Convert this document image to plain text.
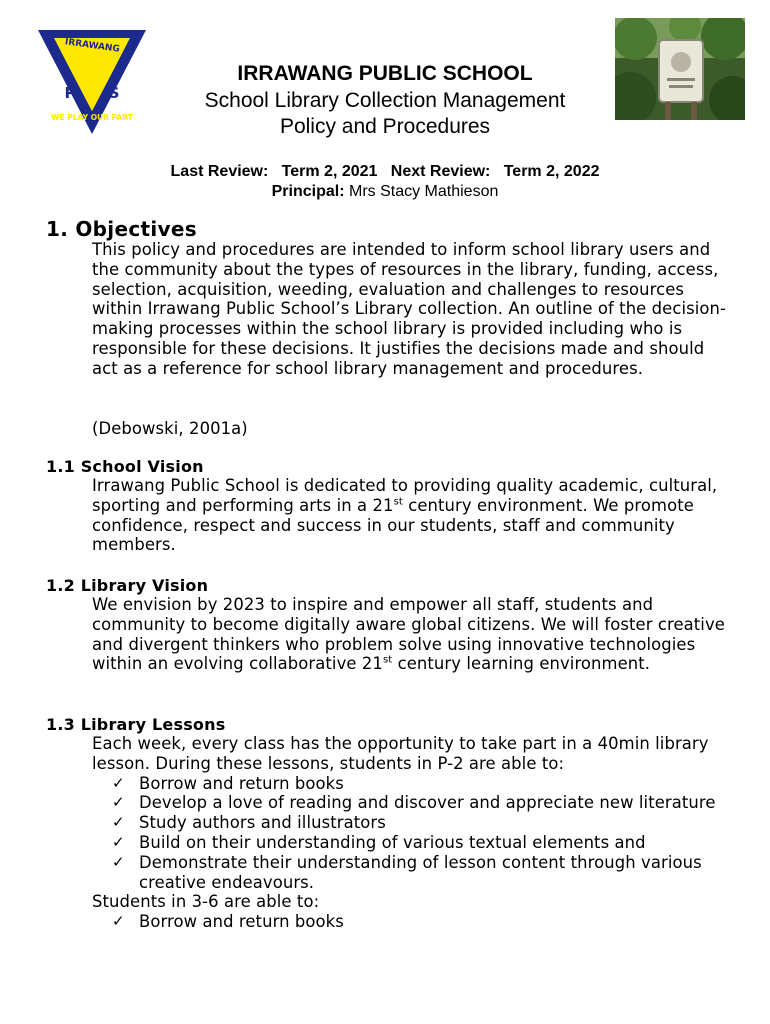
IRRAWANG
P S
WE PLAY OUR PART
IRRAWANG PUBLIC SCHOOL
School Library Collection Management
Policy and Procedures
Last Review: Term 2, 2021 Next Review: Term 2, 2022
Principal: Mrs Stacy Mathieson
1. Objectives
This policy and procedures are intended to inform school library users and the community about the types of resources in the library, funding, access, selection, acquisition, weeding, evaluation and challenges to resources within Irrawang Public School’s Library collection. An outline of the decision-making processes within the school library is provided including who is responsible for these decisions. It justifies the decisions made and should act as a reference for school library management and procedures.
(Debowski, 2001a)
1.1 School Vision
Irrawang Public School is dedicated to providing quality academic, cultural, sporting and performing arts in a 21st century environment. We promote confidence, respect and success in our students, staff and community members.
1.2 Library Vision
We envision by 2023 to inspire and empower all staff, students and community to become digitally aware global citizens. We will foster creative and divergent thinkers who problem solve using innovative technologies within an evolving collaborative 21st century learning environment.
1.3 Library Lessons
Each week, every class has the opportunity to take part in a 40min library lesson. During these lessons, students in P-2 are able to:
✓ Borrow and return books
✓ Develop a love of reading and discover and appreciate new literature
✓ Study authors and illustrators
✓ Build on their understanding of various textual elements and
✓ Demonstrate their understanding of lesson content through various creative endeavours.
Students in 3-6 are able to:
✓ Borrow and return books
